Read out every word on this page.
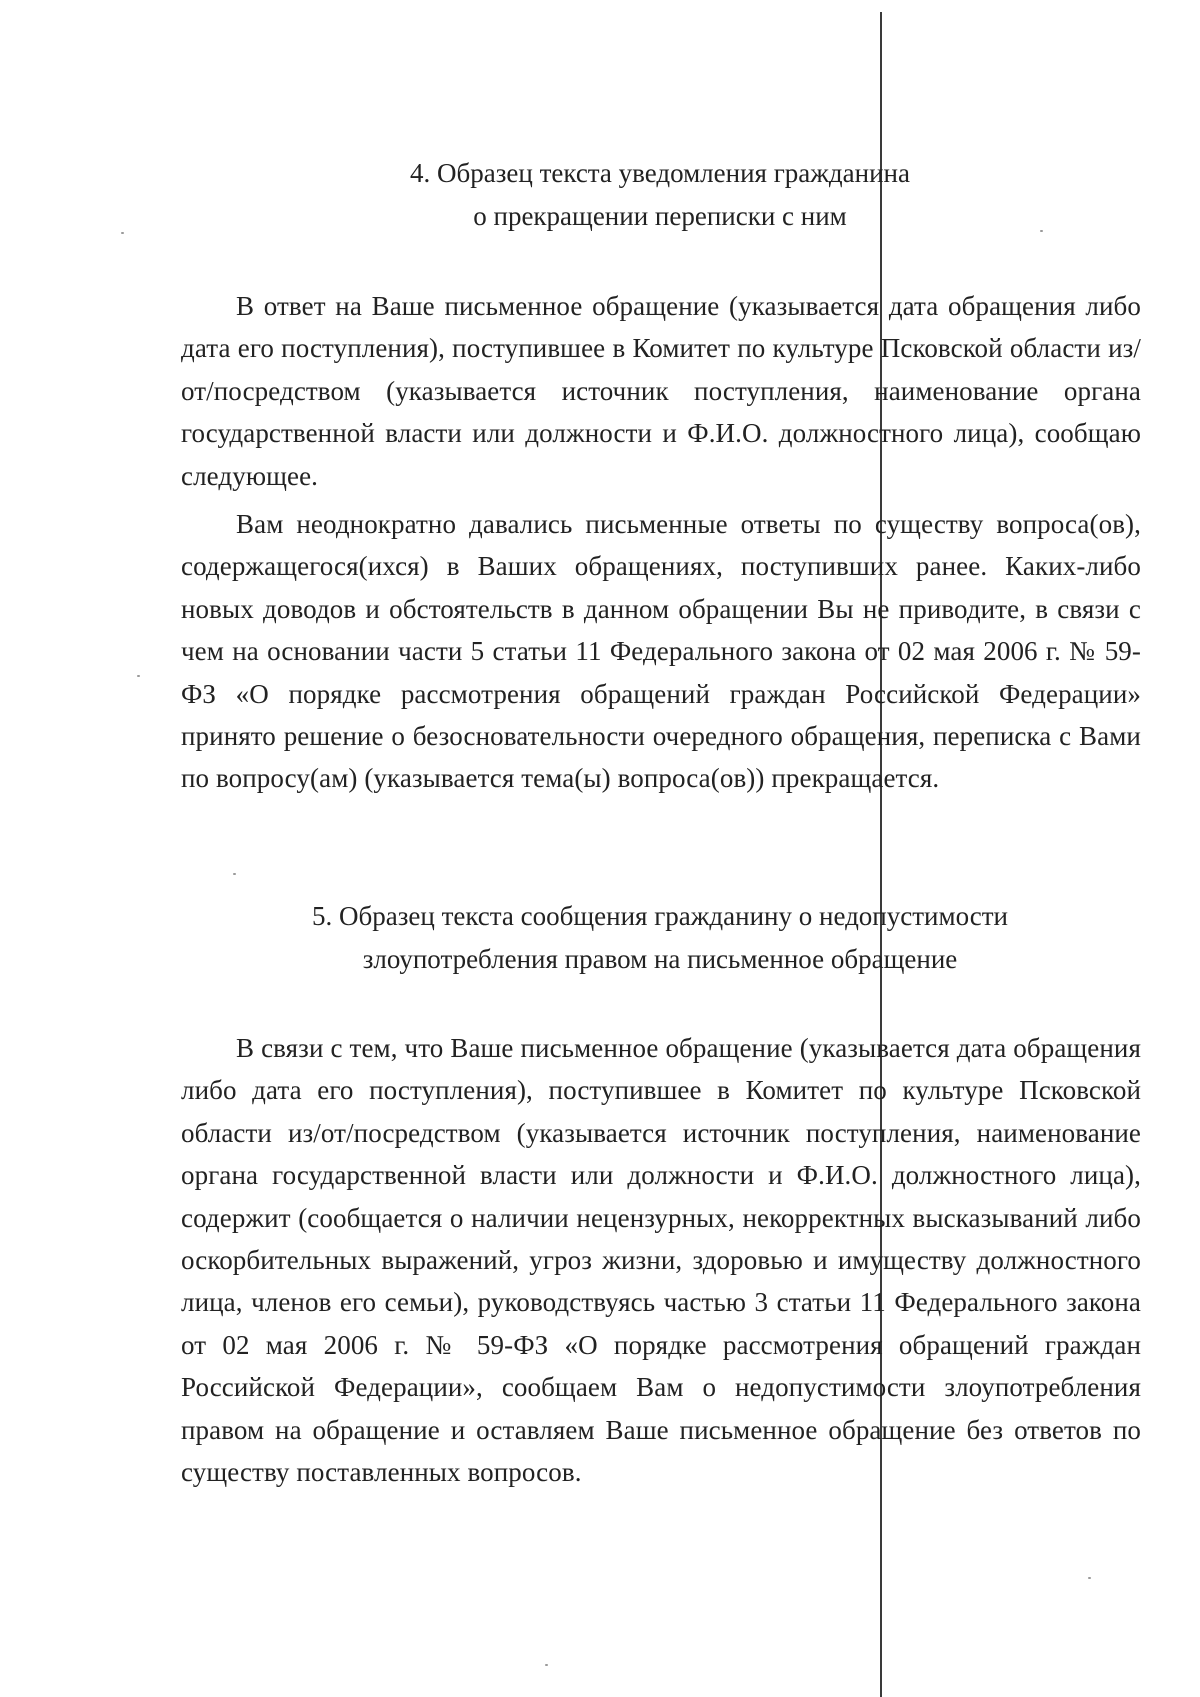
4. Образец текста уведомления гражданина
о прекращении переписки с ним

В ответ на Ваше письменное обращение (указывается дата обращения либо дата его поступления), поступившее в Комитет по культуре Псковской области из/от/посредством (указывается источник поступления, наименование органа государственной власти или должности и Ф.И.О. должностного лица), сообщаю следующее.

Вам неоднократно давались письменные ответы по существу вопроса(ов), содержащегося(ихся) в Ваших обращениях, поступивших ранее. Каких-либо новых доводов и обстоятельств в данном обращении Вы не приводите, в связи с чем на основании части 5 статьи 11 Федерального закона от 02 мая 2006 г. № 59-ФЗ «О порядке рассмотрения обращений граждан Российской Федерации» принято решение о безосновательности очередного обращения, переписка с Вами по вопросу(ам) (указывается тема(ы) вопроса(ов)) прекращается.

5. Образец текста сообщения гражданину о недопустимости
злоупотребления правом на письменное обращение

В связи с тем, что Ваше письменное обращение (указывается дата обращения либо дата его поступления), поступившее в Комитет по культуре Псковской области из/от/посредством (указывается источник поступления, наименование органа государственной власти или должности и Ф.И.О. должностного лица), содержит (сообщается о наличии нецензурных, некорректных высказываний либо оскорбительных выражений, угроз жизни, здоровью и имуществу должностного лица, членов его семьи), руководствуясь частью 3 статьи 11 Федерального закона от 02 мая 2006 г. № 59-ФЗ «О порядке рассмотрения обращений граждан Российской Федерации», сообщаем Вам о недопустимости злоупотребления правом на обращение и оставляем Ваше письменное обращение без ответов по существу поставленных вопросов.
